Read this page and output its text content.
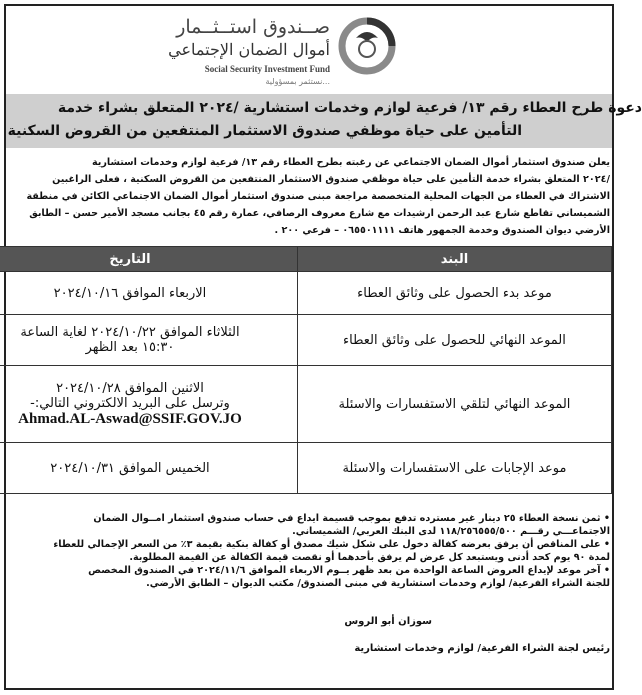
صــندوق استــثــمار
أموال الضمان الإجتماعي
Social Security Investment Fund
...نستثمر بمسؤولية
دعوة طرح العطاء رقم ١٣/ فرعية لوازم وخدمات استشارية /٢٠٢٤ المتعلق بشراء خدمة
التأمين على حياة موظفي صندوق الاستثمار المنتفعين من القروض السكنية
يعلن صندوق استثمار أموال الضمان الاجتماعي عن رغبته بطرح العطاء رقم ١٣/ فرعية لوازم وخدمات استشارية
/٢٠٢٤ المتعلق بشراء خدمة التأمين على حياة موظفي صندوق الاستثمار المنتفعين من القروض السكنية ، فعلى الراغبين
الاشتراك في العطاء من الجهات المحلية المتخصصة مراجعة مبنى صندوق استثمار أموال الضمان الاجتماعي الكائن في منطقة
الشميساني تقاطع شارع عبد الرحمن ارشيدات مع شارع معروف الرصافي، عمارة رقم ٤٥ بجانب مسجد الأمير حسن – الطابق
الأرضي ديوان الصندوق وخدمة الجمهور هاتف ٠٦٥٥٠١١١١ – فرعي ٢٠٠ .
البند	التاريخ
موعد بدء الحصول على وثائق العطاء	الاربعاء الموافق ٢٠٢٤/١٠/١٦

الموعد النهائي للحصول على وثائق العطاء	الثلاثاء الموافق ٢٠٢٤/١٠/٢٢ لغاية الساعة
١٥:٣٠ بعد الظهر

الموعد النهائي لتلقي الاستفسارات والاسئلة	الاثنين الموافق ٢٠٢٤/١٠/٢٨
وترسل على البريد الالكتروني التالي:-
Ahmad.AL-Aswad@SSIF.GOV.JO

موعد الإجابات على الاستفسارات والاسئلة	الخميس الموافق ٢٠٢٤/١٠/٣١
• ثمن نسخة العطاء ٢٥ دينار غير مسترده تدفع بموجب قسيمة ايداع في حساب صندوق استثمار امــوال الضمان
الاجتماعـــي رقـــم ١١٨/٢٥٦٥٥٥/٥٠٠ لدى البنك العربي/ الشميساني.
• على المناقص أن يرفق بعرضه كفالة دخول على شكل شيك مصدق أو كفالة بنكية بقيمة ٣٪ من السعر الإجمالي للعطاء
لمدة ٩٠ يوم كحد أدنى ويستبعد كل عرض لم يرفق بأحدهما أو نقصت قيمة الكفالة عن القيمة المطلوبة.
• آخر موعد لإيداع العروض الساعة الواحدة من بعد ظهر يــوم الاربعاء الموافق ٢٠٢٤/١١/٦ في الصندوق المخصص
للجنة الشراء الفرعية/ لوازم وخدمات استشارية في مبنى الصندوق/ مكتب الديوان – الطابق الأرضي.
سوزان أبو الروس
رئيس لجنة الشراء الفرعية/ لوازم وخدمات استشارية
